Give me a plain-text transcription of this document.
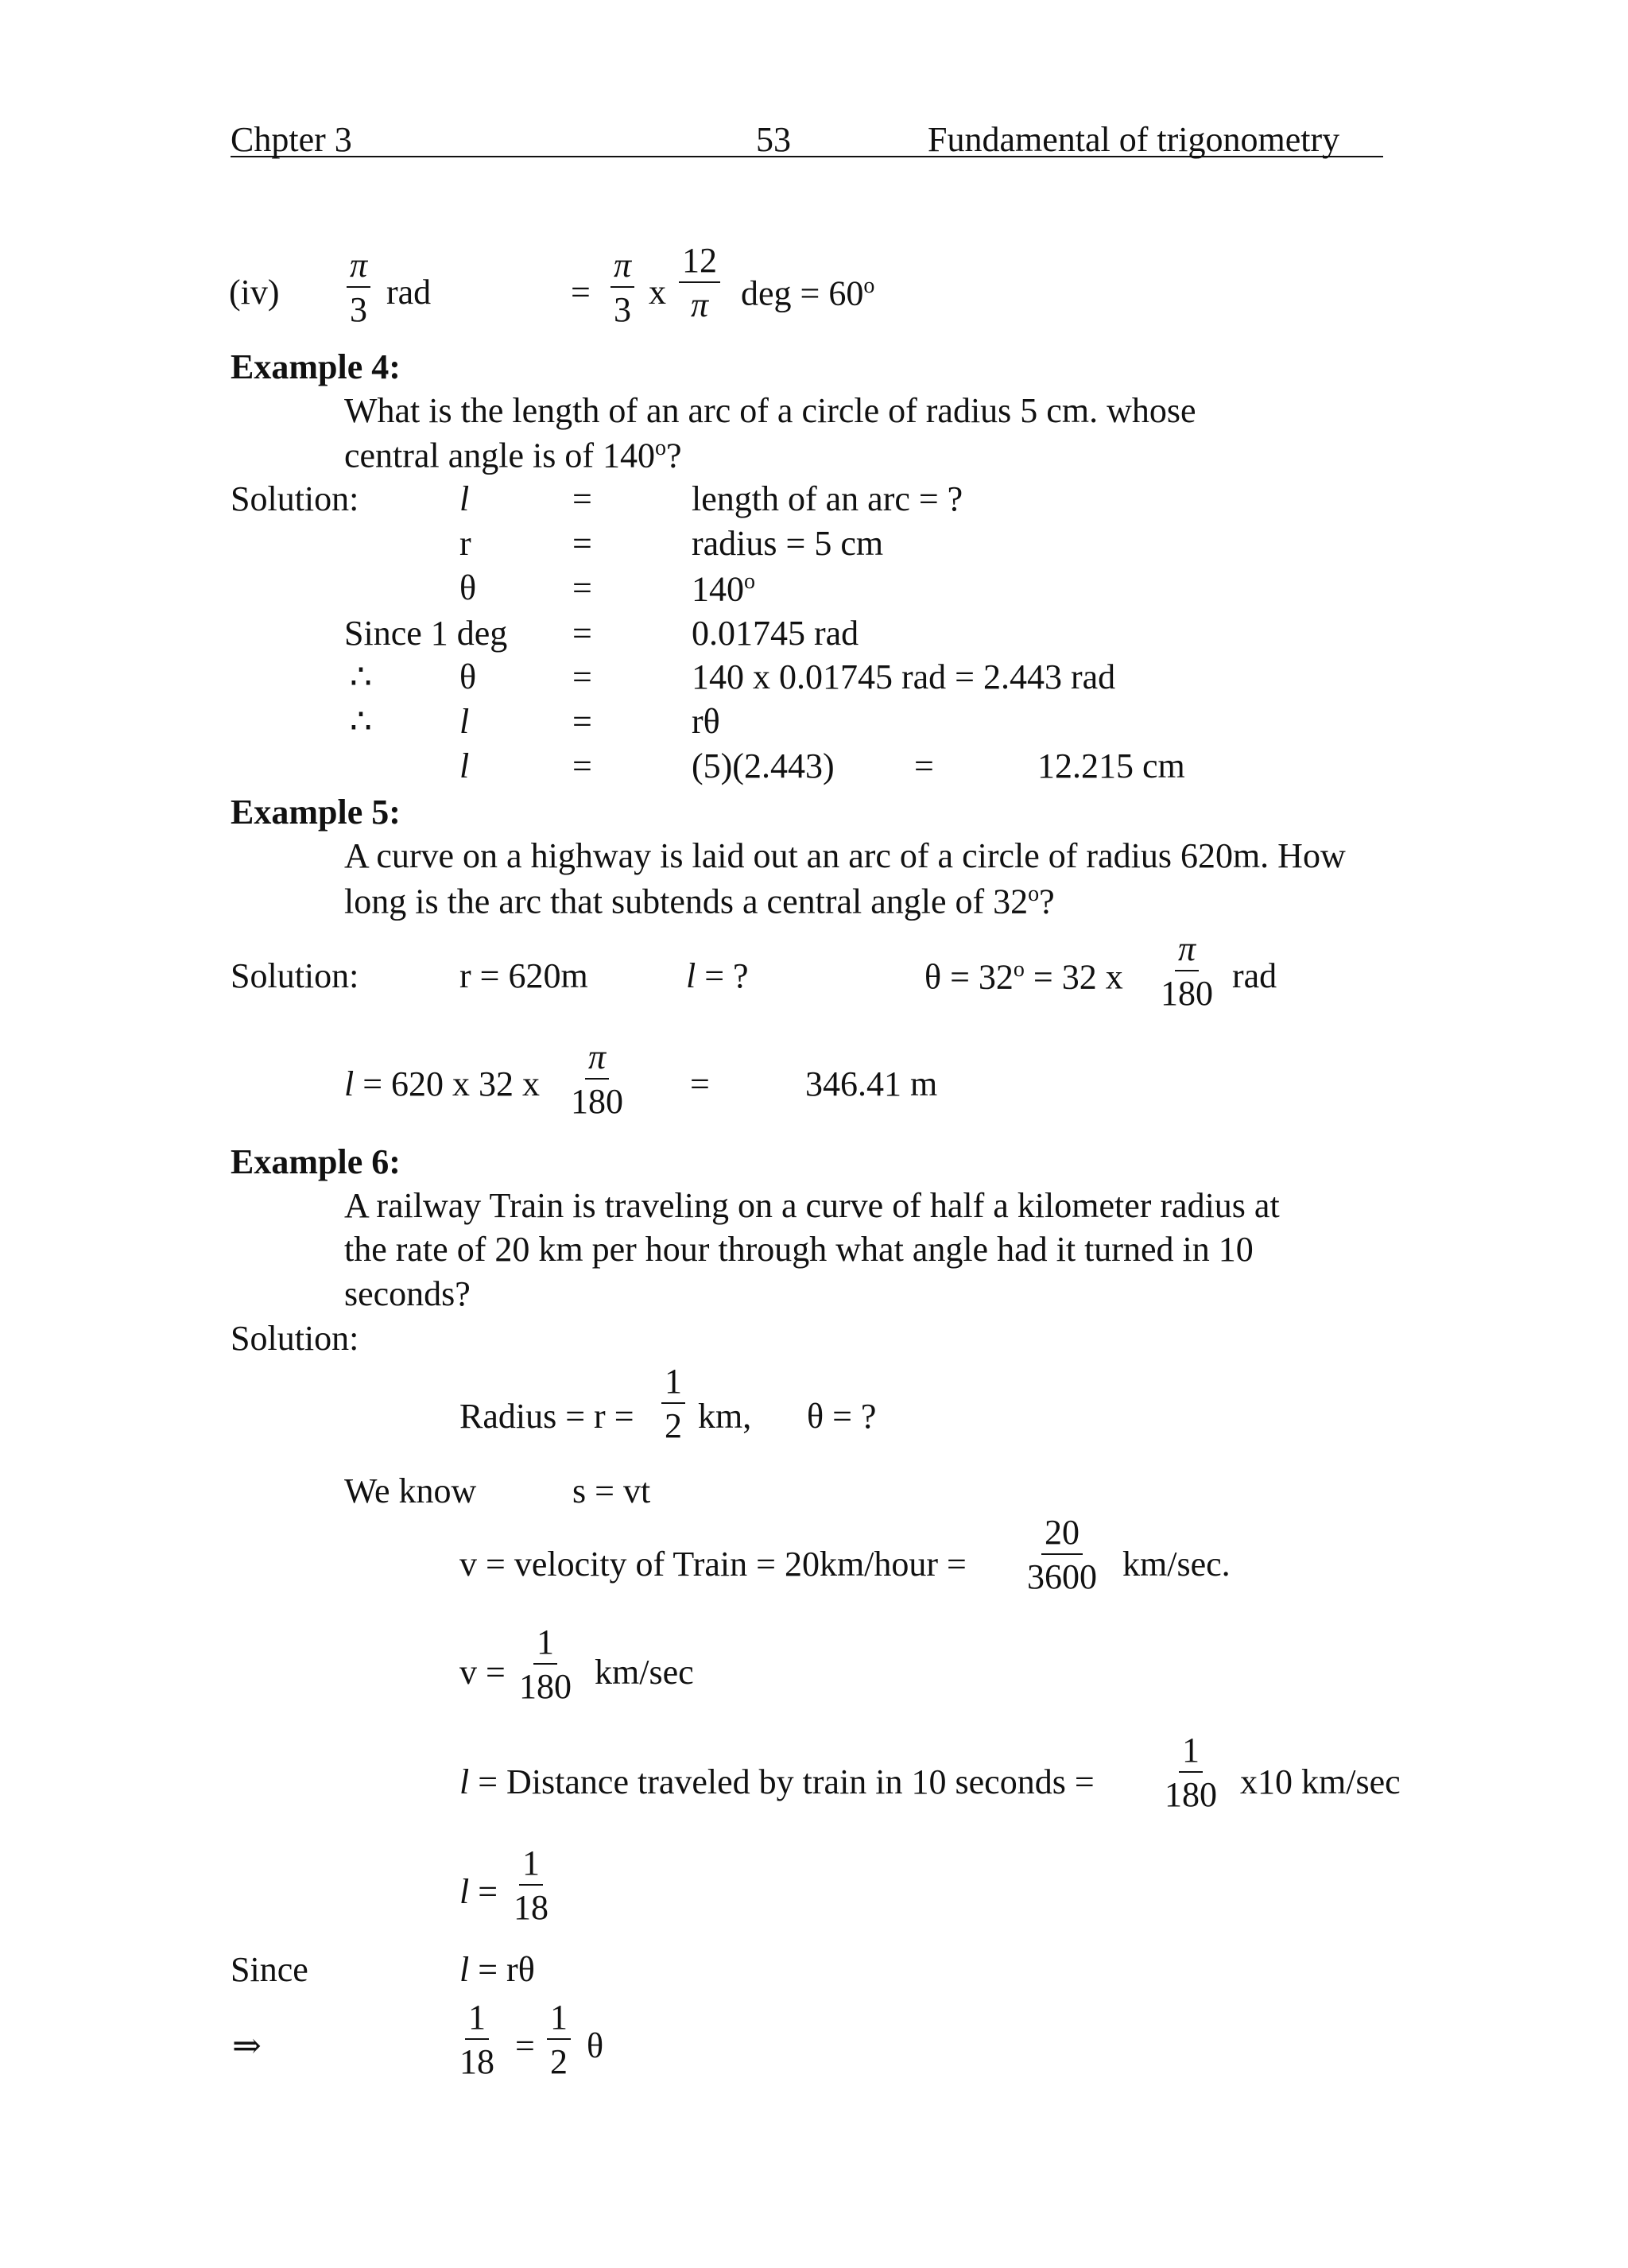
Chpter 3	53	Fundamental of trigonometry
$(iv) \frac{\pi}{3}$ rad	= $\frac{\pi}{3}$ x $\frac{12}{\pi}$ deg = $60^o$
Example 4:
What is the length of an arc of a circle of radius 5 cm. whose
central angle is of 140$^o$?
Solution:	l	=	length of an arc = ?
r	=	radius = 5 cm
θ	=	$140^o$
Since 1 deg =	0.01745 rad
∴	θ	=	140 x 0.01745 rad = 2.443 rad
∴	l	=	rθ
l	=	(5)(2.443) =	12.215 cm
Example 5:
A curve on a highway is laid out an arc of a circle of radius 620m. How
long is the arc that subtends a central angle of 32$^o$?
Solution:	r = 620m	l = ?	$\theta = 32^o = 32$ x $\frac{\pi}{180}$ rad
l = 620 x 32 x $\frac{\pi}{180}$ =	346.41 m
Example 6:
A railway Train is traveling on a curve of half a kilometer radius at
the rate of 20 km per hour through what angle had it turned in 10
seconds?
Solution:
Radius = $r = \frac{1}{2}$ km, θ = ?
We know	s = vt
v = velocity of Train = 20km/hour = $\frac{20}{3600} km/\sec$.
$v = \frac{1}{180} km/\sec$
l = Distance traveled by train in 10 seconds = $\frac{1}{180} x10$ km/sec
$l = \frac{1}{18}$
Since	l = rθ
⇒	$\frac{1}{18} = \frac{1}{2}$ θ
